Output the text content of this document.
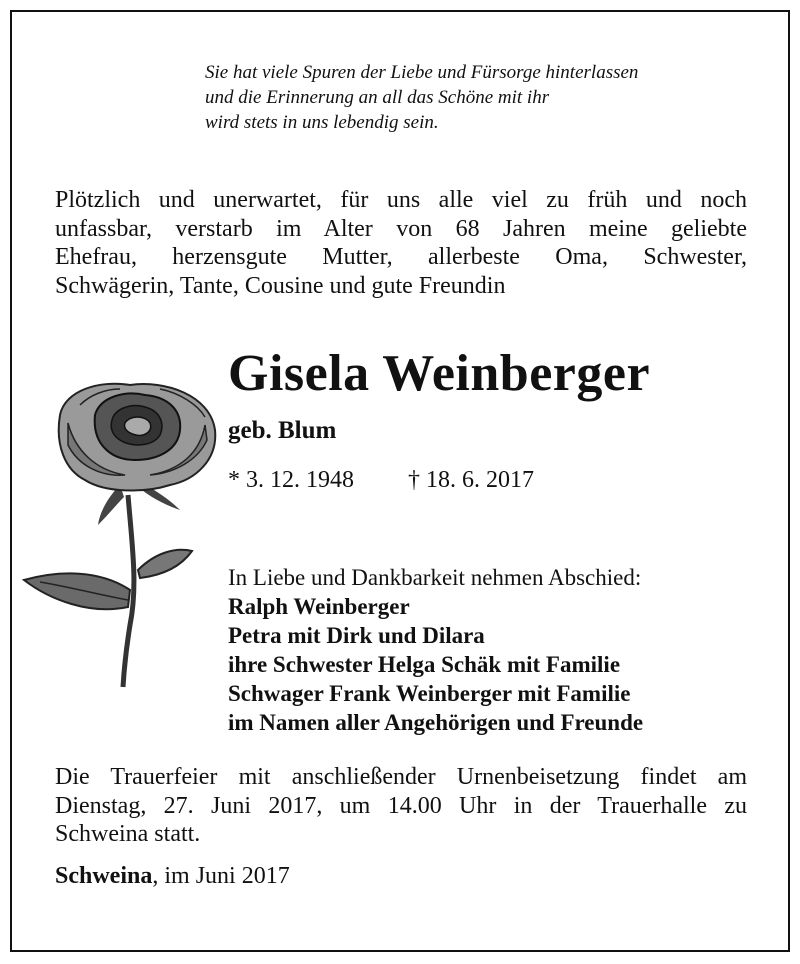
Sie hat viele Spuren der Liebe und Fürsorge hinterlassen
und die Erinnerung an all das Schöne mit ihr
wird stets in uns lebendig sein.
Plötzlich und unerwartet, für uns alle viel zu früh und noch
unfassbar, verstarb im Alter von 68 Jahren meine geliebte
Ehefrau, herzensgute Mutter, allerbeste Oma, Schwester,
Schwägerin, Tante, Cousine und gute Freundin
Gisela Weinberger
geb. Blum
* 3. 12. 1948 † 18. 6. 2017
In Liebe und Dankbarkeit nehmen Abschied:
Ralph Weinberger
Petra mit Dirk und Dilara
ihre Schwester Helga Schäk mit Familie
Schwager Frank Weinberger mit Familie
im Namen aller Angehörigen und Freunde
Die Trauerfeier mit anschließender Urnenbeisetzung findet am
Dienstag, 27. Juni 2017, um 14.00 Uhr in der Trauerhalle zu
Schweina statt.
Schweina, im Juni 2017
